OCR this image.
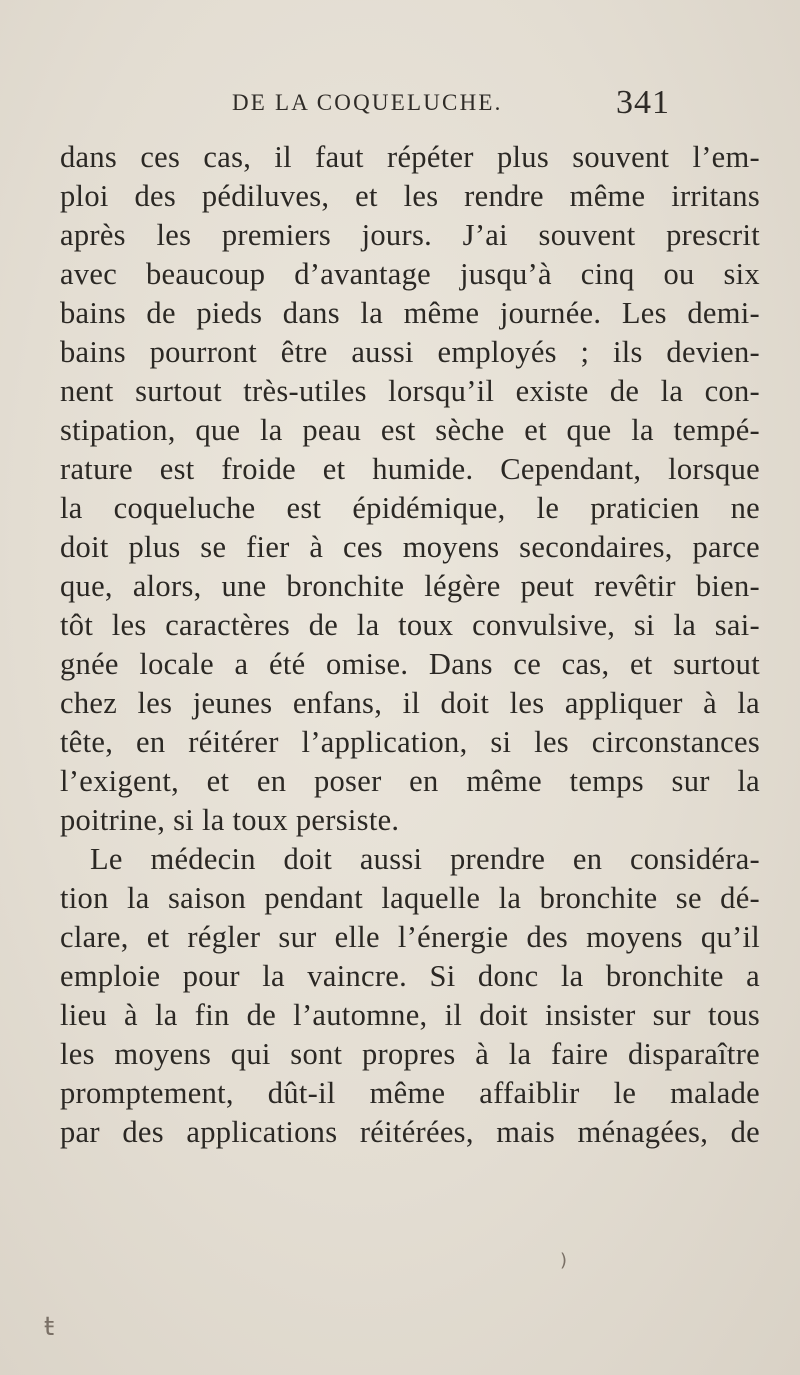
DE LA COQUELUCHE.	341
dans ces cas, il faut répéter plus souvent l’em-
ploi des pédiluves, et les rendre même irritans
après les premiers jours. J’ai souvent prescrit
avec beaucoup d’avantage jusqu’à cinq ou six
bains de pieds dans la même journée. Les demi-
bains pourront être aussi employés ; ils devien-
nent surtout très-utiles lorsqu’il existe de la con-
stipation, que la peau est sèche et que la tempé-
rature est froide et humide. Cependant, lorsque
la coqueluche est épidémique, le praticien ne
doit plus se fier à ces moyens secondaires, parce
que, alors, une bronchite légère peut revêtir bien-
tôt les caractères de la toux convulsive, si la sai-
gnée locale a été omise. Dans ce cas, et surtout
chez les jeunes enfans, il doit les appliquer à la
tête, en réitérer l’application, si les circonstances
l’exigent, et en poser en même temps sur la
poitrine, si la toux persiste.
Le médecin doit aussi prendre en considéra-
tion la saison pendant laquelle la bronchite se dé-
clare, et régler sur elle l’énergie des moyens qu’il
emploie pour la vaincre. Si donc la bronchite a
lieu à la fin de l’automne, il doit insister sur tous
les moyens qui sont propres à la faire disparaître
promptement, dût-il même affaiblir le malade
par des applications réitérées, mais ménagées, de
ŧ
)
